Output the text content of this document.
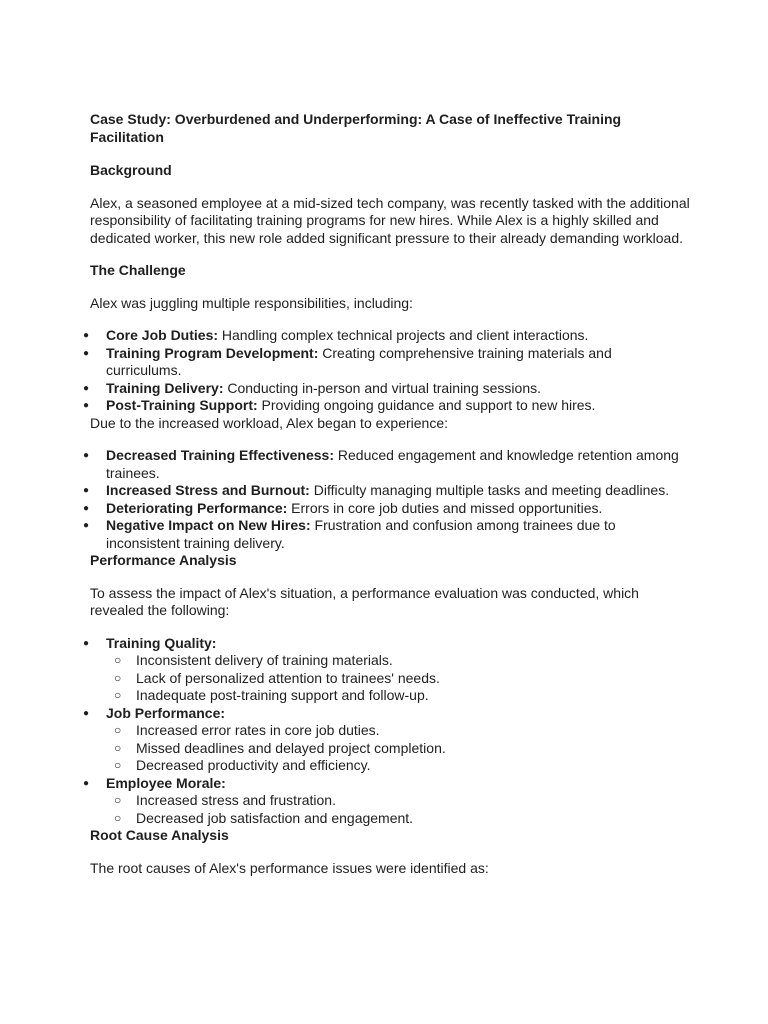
Case Study: Overburdened and Underperforming: A Case of Ineffective Training Facilitation
Background

Alex, a seasoned employee at a mid-sized tech company, was recently tasked with the additional responsibility of facilitating training programs for new hires. While Alex is a highly skilled and dedicated worker, this new role added significant pressure to their already demanding workload.

The Challenge

Alex was juggling multiple responsibilities, including:

● Core Job Duties: Handling complex technical projects and client interactions.
● Training Program Development: Creating comprehensive training materials and curriculums.
● Training Delivery: Conducting in-person and virtual training sessions.
● Post-Training Support: Providing ongoing guidance and support to new hires.

Due to the increased workload, Alex began to experience:

● Decreased Training Effectiveness: Reduced engagement and knowledge retention among trainees.
● Increased Stress and Burnout: Difficulty managing multiple tasks and meeting deadlines.
● Deteriorating Performance: Errors in core job duties and missed opportunities.
● Negative Impact on New Hires: Frustration and confusion among trainees due to inconsistent training delivery.
Performance Analysis

To assess the impact of Alex's situation, a performance evaluation was conducted, which revealed the following:

● Training Quality:
○ Inconsistent delivery of training materials.
○ Lack of personalized attention to trainees' needs.
○ Inadequate post-training support and follow-up.
● Job Performance:
○ Increased error rates in core job duties.
○ Missed deadlines and delayed project completion.
○ Decreased productivity and efficiency.
● Employee Morale:
○ Increased stress and frustration.
○ Decreased job satisfaction and engagement.
Root Cause Analysis

The root causes of Alex's performance issues were identified as:
